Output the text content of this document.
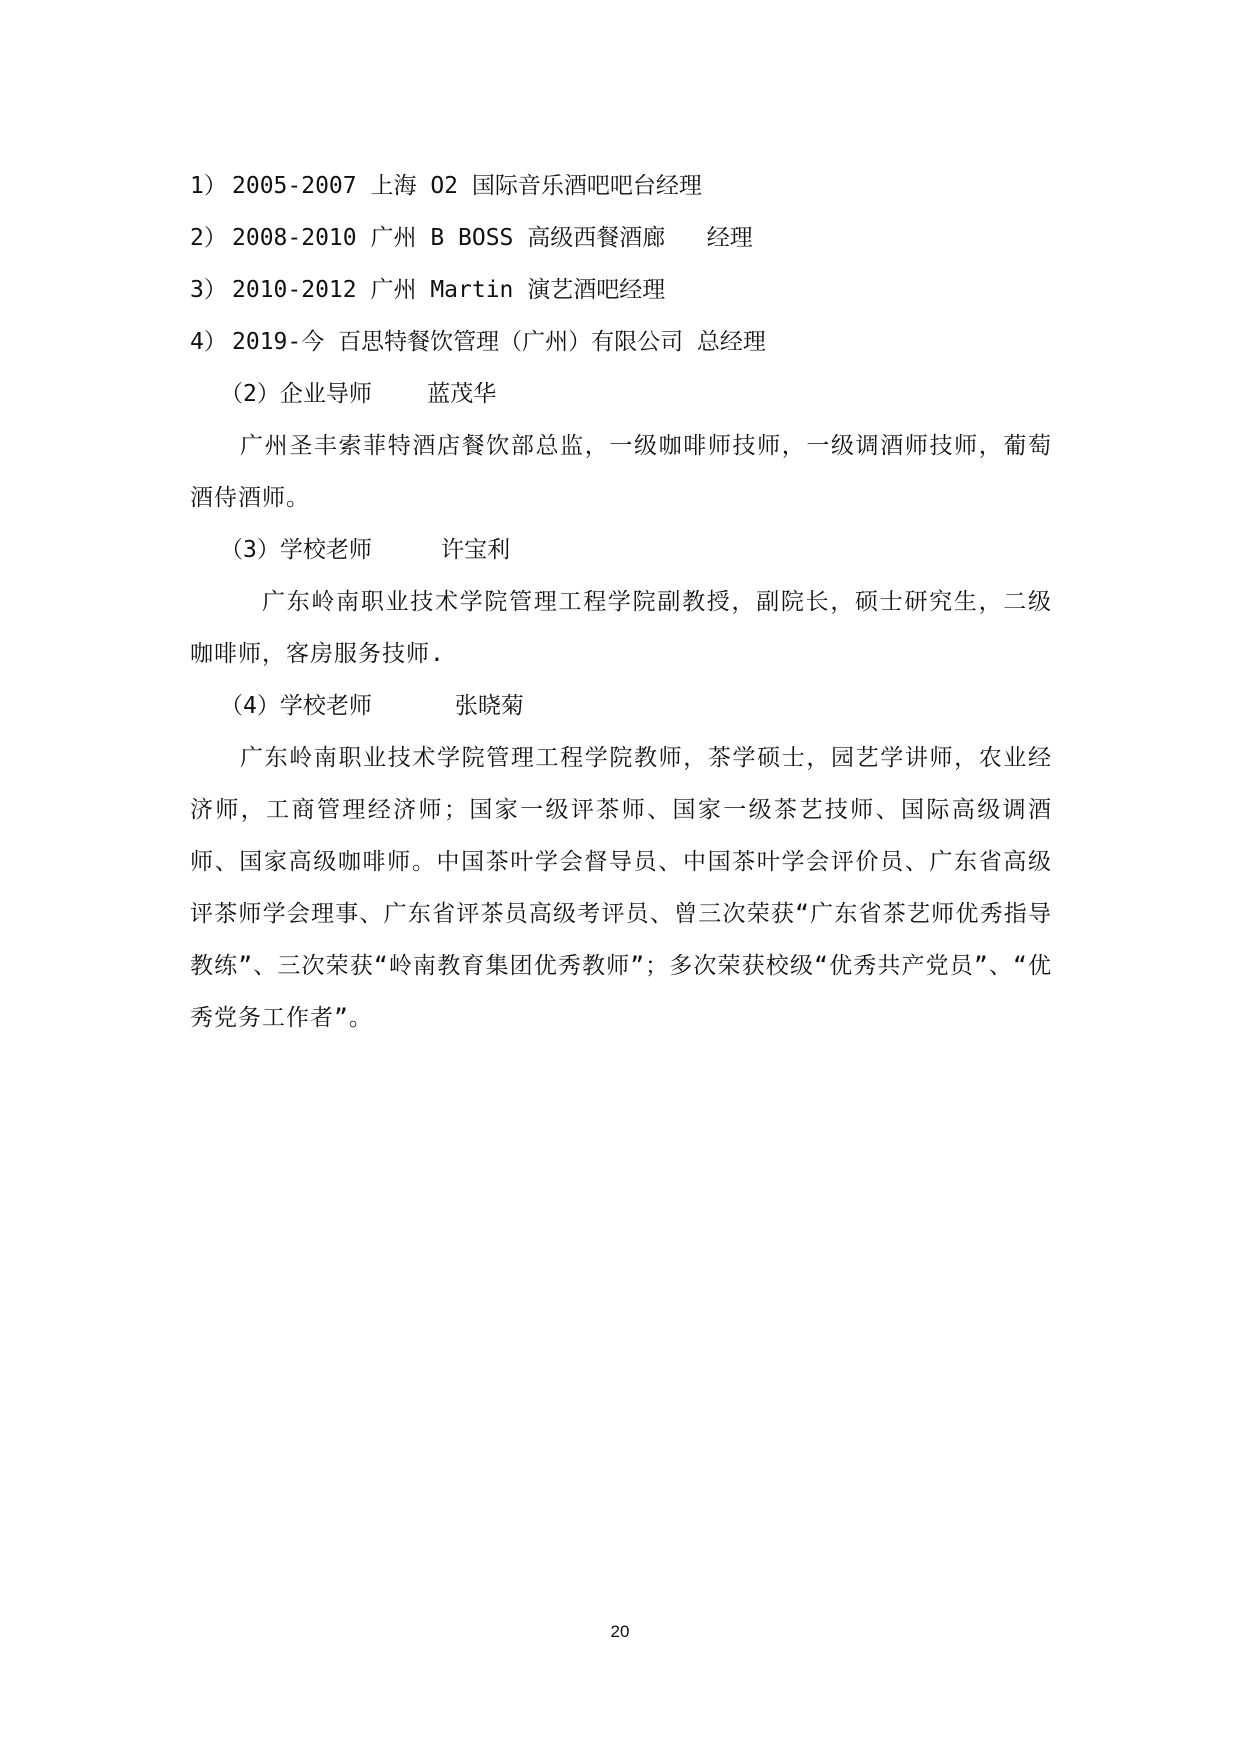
1） 2005-2007 上海 O2 国际音乐酒吧吧台经理
2） 2008-2010 广州 B BOSS 高级西餐酒廊   经理
3） 2010-2012 广州 Martin 演艺酒吧经理
4） 2019-今 百思特餐饮管理（广州）有限公司 总经理
（2）企业导师    蓝茂华
广州圣丰索菲特酒店餐饮部总监，一级咖啡师技师，一级调酒师技师，葡萄酒侍酒师。
（3）学校老师     许宝利
广东岭南职业技术学院管理工程学院副教授，副院长，硕士研究生，二级咖啡师，客房服务技师.
（4）学校老师      张晓菊
广东岭南职业技术学院管理工程学院教师，茶学硕士，园艺学讲师，农业经济师，工商管理经济师；国家一级评茶师、国家一级茶艺技师、国际高级调酒师、国家高级咖啡师。中国茶叶学会督导员、中国茶叶学会评价员、广东省高级评茶师学会理事、广东省评茶员高级考评员、曾三次荣获“广东省茶艺师优秀指导教练”、三次荣获“岭南教育集团优秀教师”；多次荣获校级“优秀共产党员”、“优秀党务工作者”。
20
